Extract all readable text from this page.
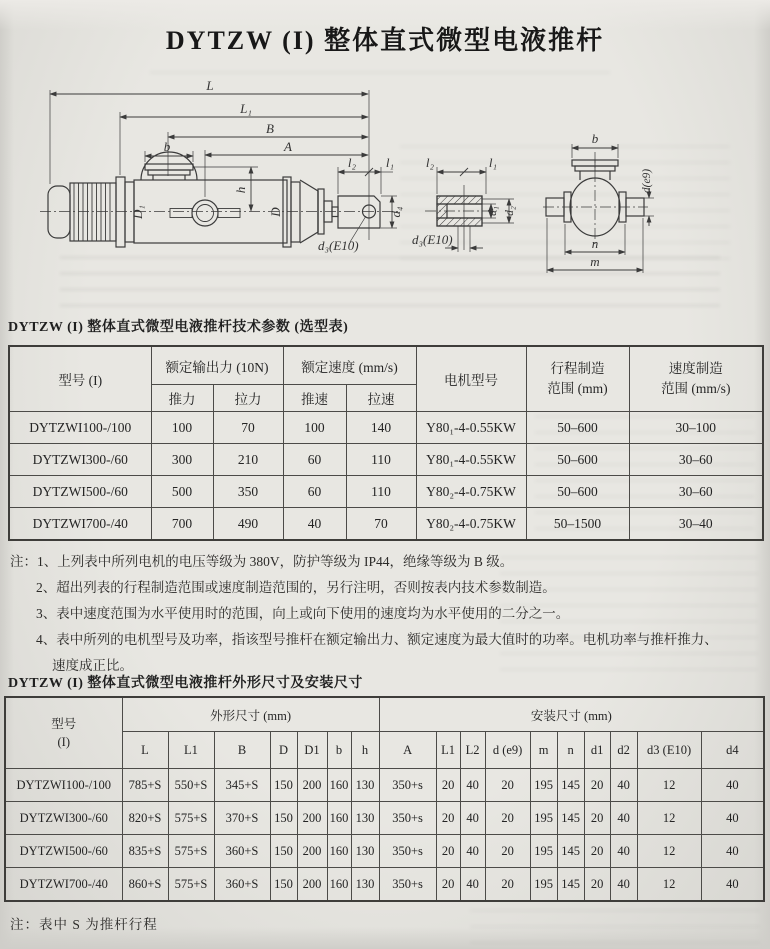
DYTZW (I) 整体直式微型电液推杆
L
L₁
B
A
b
h
D₁	D
l₂ l₁
d₄
d₃(E10)
l₂	l₁
d₁ d₂
d₃(E10)
b
d(e9)
n
m
DYTZW (I) 整体直式微型电液推杆技术参数 (选型表)
型号 (I)	额定输出力 (10N)	额定速度 (mm/s)	电机型号	
行程制造
范围 (mm)

速度制造
范围 (mm/s)

	推力	拉力	推速	拉速			
DYTZWI100-/100	100	70	100	140	Y80₁-4-0.55KW	50–600	30–100
DYTZWI300-/60	300	210	60	110	Y80₁-4-0.55KW	50–600	30–60
DYTZWI500-/60	500	350	60	110	Y80₂-4-0.75KW	50–600	30–60
DYTZWI700-/40	700	490	40	70	Y80₂-4-0.75KW	50–1500	30–40
注：1、上列表中所列电机的电压等级为 380V，防护等级为 IP44，绝缘等级为 B 级。
2、超出列表的行程制造范围或速度制造范围的，另行注明，否则按表内技术参数制造。
3、表中速度范围为水平使用时的范围，向上或向下使用的速度均为水平使用的二分之一。
4、表中所列的电机型号及功率，指该型号推杆在额定输出力、额定速度为最大值时的功率。电机功率与推杆推力、
速度成正比。
DYTZW (I) 整体直式微型电液推杆外形尺寸及安装尺寸
型号
(I)	外形尺寸 (mm)							安装尺寸 (mm)									
	L	L1	B	D	D1	b	h	A	L1	L2	d (e9)	m	n	d1	d2	d3 (E10)	d4
DYTZWI100-/100	785+S	550+S	345+S	150	200	160	130	350+s	20	40	20	195	145	20	40	12	40
DYTZWI300-/60	820+S	575+S	370+S	150	200	160	130	350+s	20	40	20	195	145	20	40	12	40
DYTZWI500-/60	835+S	575+S	360+S	150	200	160	130	350+s	20	40	20	195	145	20	40	12	40
DYTZWI700-/40	860+S	575+S	360+S	150	200	160	130	350+s	20	40	20	195	145	20	40	12	40
注：表中 S 为推杆行程
